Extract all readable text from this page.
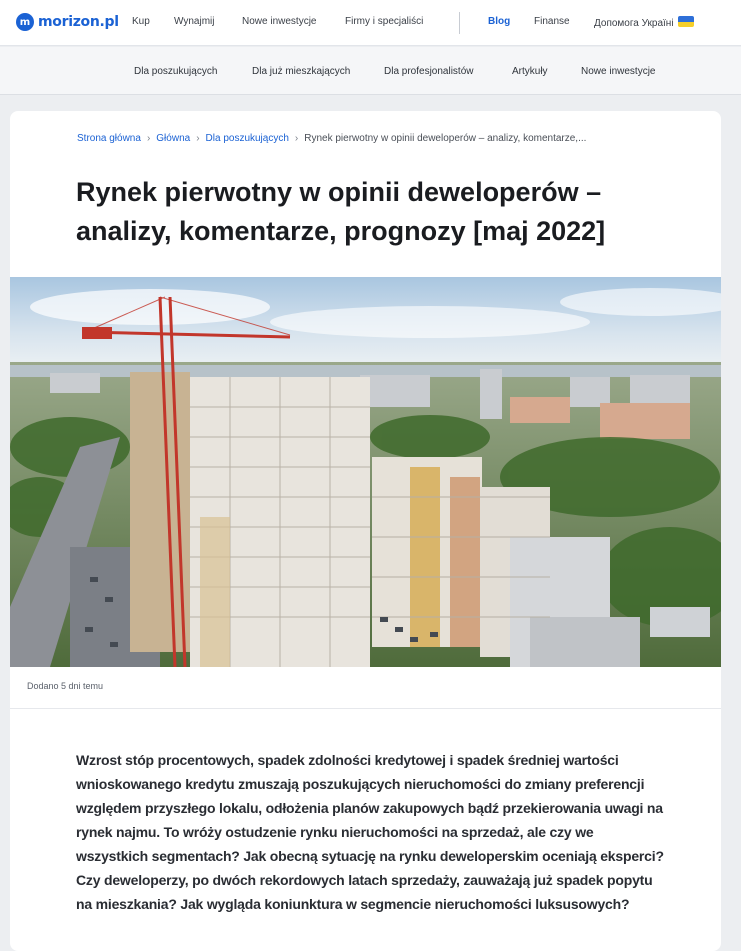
m morizon.pl Kup Wynajmij	Nowe inwestycje	Firmy i specjaliści	Blog Finanse Допомога Україні
Dla poszukujących	Dla już mieszkających	Dla profesjonalistów	Artykuły	Nowe inwestycje
Strona główna › Główna › Dla poszukujących › Rynek pierwotny w opinii deweloperów – analizy, komentarze,...
Rynek pierwotny w opinii deweloperów – analizy, komentarze, prognozy [maj 2022]
Dodano 5 dni temu

Wzrost stóp procentowych, spadek zdolności kredytowej i spadek średniej wartości wnioskowanego kredytu zmuszają poszukujących nieruchomości do zmiany preferencji względem przyszłego lokalu, odłożenia planów zakupowych bądź przekierowania uwagi na rynek najmu. To wróży ostudzenie rynku nieruchomości na sprzedaż, ale czy we wszystkich segmentach? Jak obecną sytuację na rynku deweloperskim oceniają eksperci? Czy deweloperzy, po dwóch rekordowych latach sprzedaży, zauważają już spadek popytu na mieszkania? Jak wygląda koniunktura w segmencie nieruchomości luksusowych?
